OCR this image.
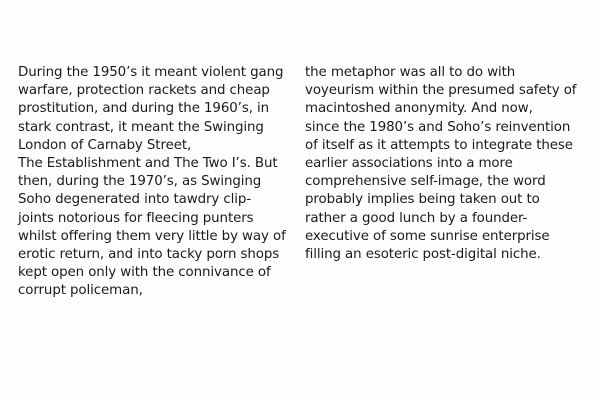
During the 1950’s it meant violent gang
warfare, protection rackets and cheap
prostitution, and during the 1960’s, in
stark contrast, it meant the Swinging
London of Carnaby Street,
The Establishment and The Two I’s. But
then, during the 1970’s, as Swinging
Soho degenerated into tawdry clip-
joints notorious for fleecing punters
whilst offering them very little by way of
erotic return, and into tacky porn shops
kept open only with the connivance of
corrupt policeman,
the metaphor was all to do with
voyeurism within the presumed safety of
macintoshed anonymity. And now,
since the 1980’s and Soho’s reinvention
of itself as it attempts to integrate these
earlier associations into a more
comprehensive self-image, the word
probably implies being taken out to
rather a good lunch by a founder-
executive of some sunrise enterprise
filling an esoteric post-digital niche.
